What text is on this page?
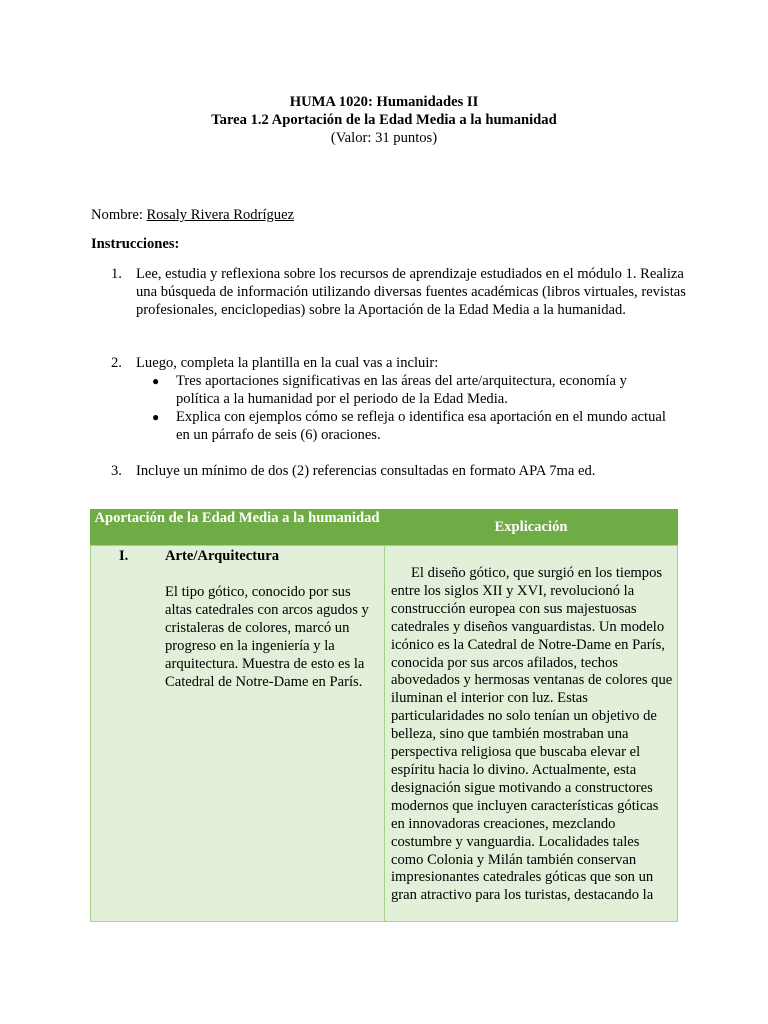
HUMA 1020: Humanidades II
Tarea 1.2 Aportación de la Edad Media a la humanidad
(Valor: 31 puntos)
Nombre: Rosaly Rivera Rodríguez
Instrucciones:
1. Lee, estudia y reflexiona sobre los recursos de aprendizaje estudiados en el módulo 1. Realiza una búsqueda de información utilizando diversas fuentes académicas (libros virtuales, revistas profesionales, enciclopedias) sobre la Aportación de la Edad Media a la humanidad.
2. Luego, completa la plantilla en la cual vas a incluir:
● Tres aportaciones significativas en las áreas del arte/arquitectura, economía y política a la humanidad por el periodo de la Edad Media.
● Explica con ejemplos cómo se refleja o identifica esa aportación en el mundo actual en un párrafo de seis (6) oraciones.
3. Incluye un mínimo de dos (2) referencias consultadas en formato APA 7ma ed.
Aportación de la Edad Media a la humanidad
Explicación
I.	Arte/Arquitectura
El tipo gótico, conocido por sus altas catedrales con arcos agudos y cristaleras de colores, marcó un progreso en la ingeniería y la arquitectura. Muestra de esto es la Catedral de Notre-Dame en París.
El diseño gótico, que surgió en los tiempos entre los siglos XII y XVI, revolucionó la construcción europea con sus majestuosas catedrales y diseños vanguardistas. Un modelo icónico es la Catedral de Notre-Dame en París, conocida por sus arcos afilados, techos abovedados y hermosas ventanas de colores que iluminan el interior con luz. Estas particularidades no solo tenían un objetivo de belleza, sino que también mostraban una perspectiva religiosa que buscaba elevar el espíritu hacia lo divino. Actualmente, esta designación sigue motivando a constructores modernos que incluyen características góticas en innovadoras creaciones, mezclando costumbre y vanguardia. Localidades tales como Colonia y Milán también conservan impresionantes catedrales góticas que son un gran atractivo para los turistas, destacando la
